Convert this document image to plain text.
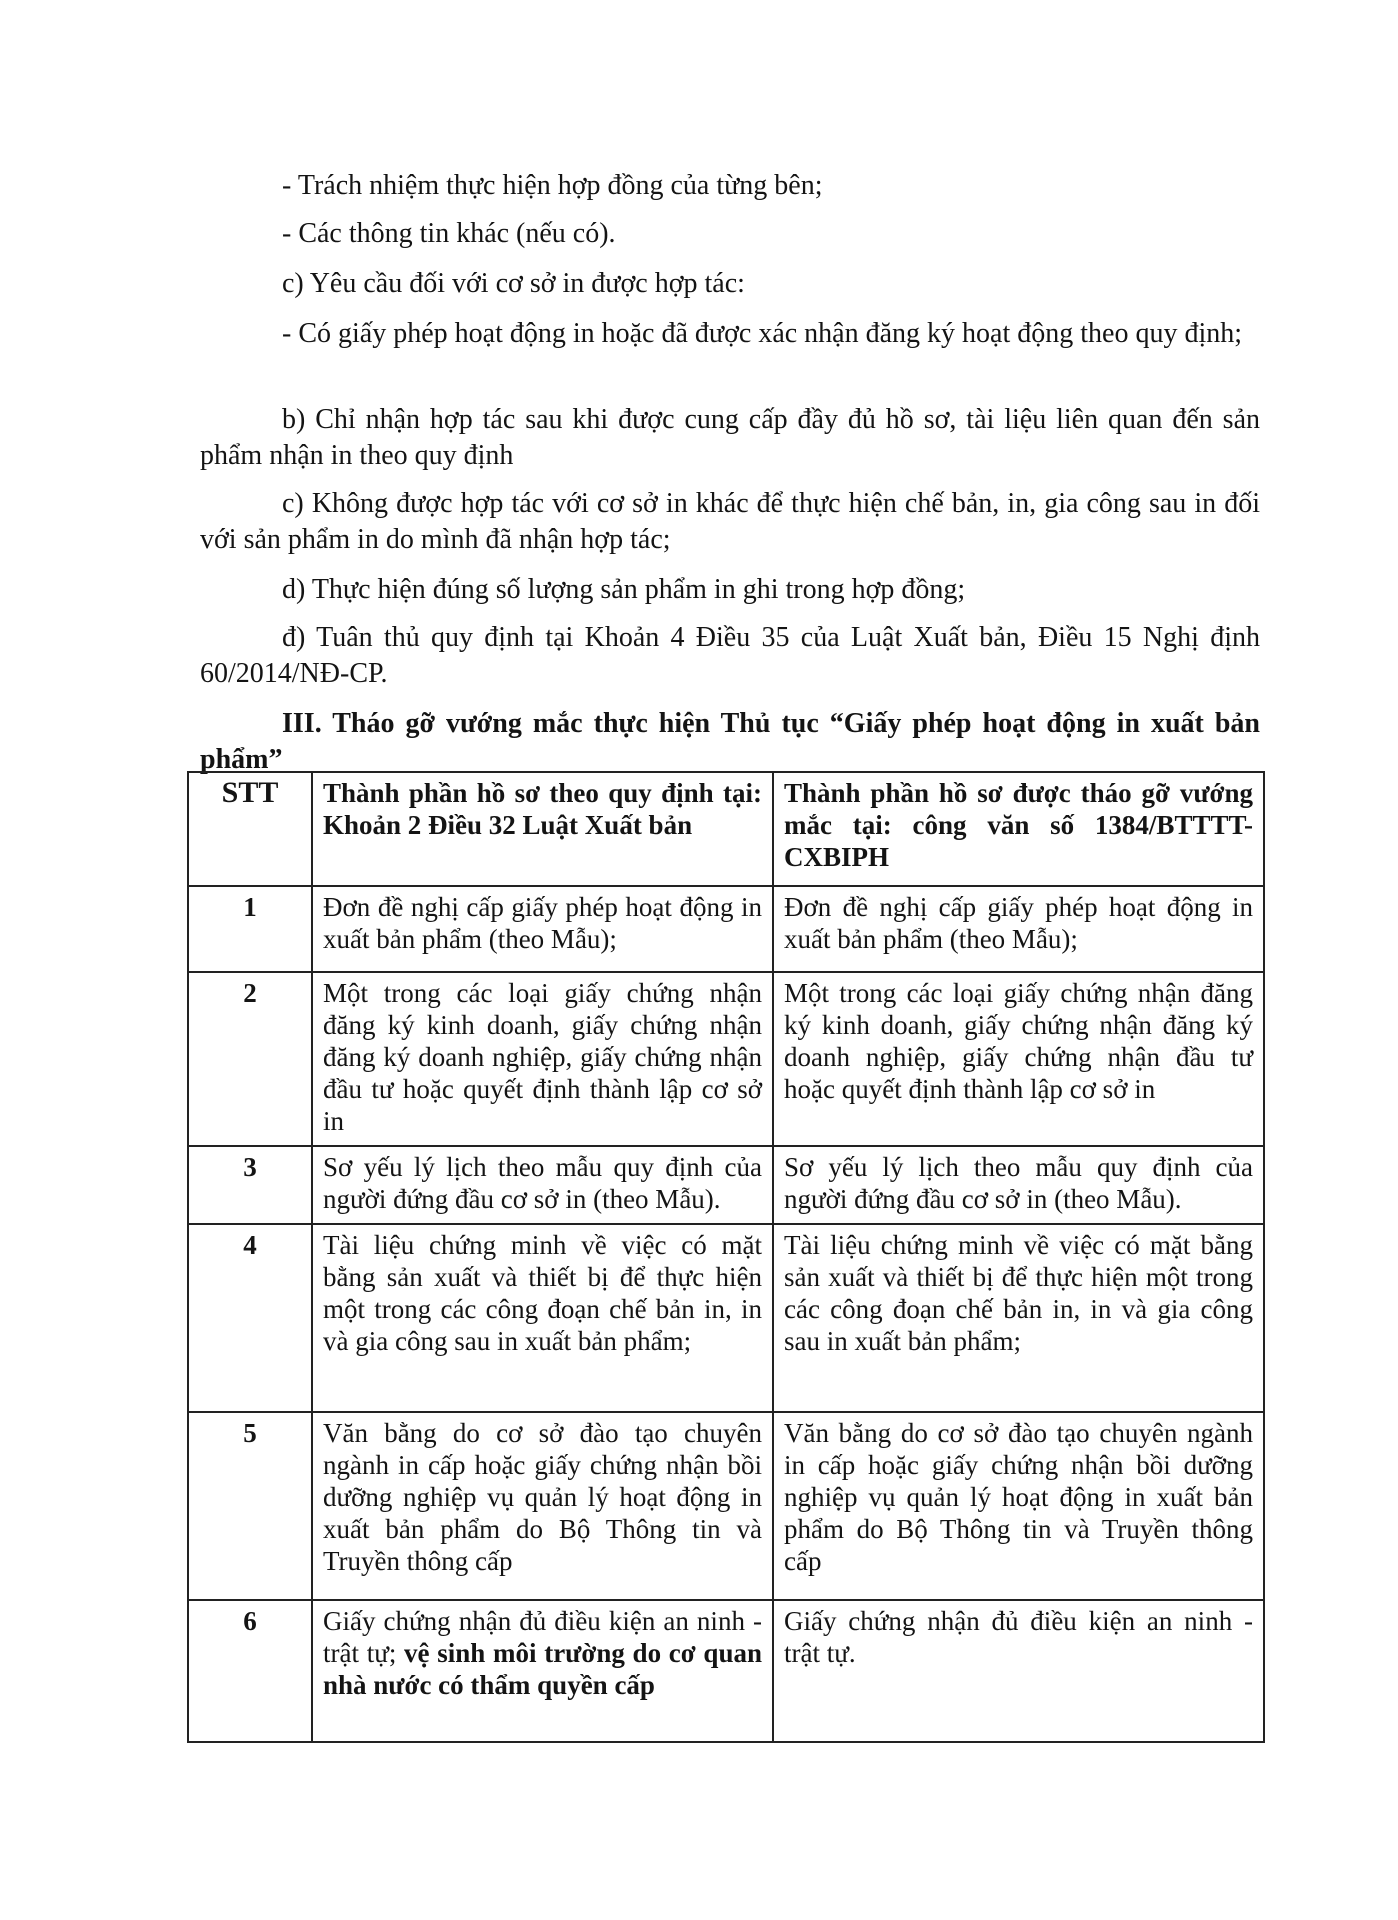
- Trách nhiệm thực hiện hợp đồng của từng bên;

- Các thông tin khác (nếu có).

c) Yêu cầu đối với cơ sở in được hợp tác:

- Có giấy phép hoạt động in hoặc đã được xác nhận đăng ký hoạt động theo quy định;

b) Chỉ nhận hợp tác sau khi được cung cấp đầy đủ hồ sơ, tài liệu liên quan đến sản phẩm nhận in theo quy định

c) Không được hợp tác với cơ sở in khác để thực hiện chế bản, in, gia công sau in đối với sản phẩm in do mình đã nhận hợp tác;

d) Thực hiện đúng số lượng sản phẩm in ghi trong hợp đồng;

đ) Tuân thủ quy định tại Khoản 4 Điều 35 của Luật Xuất bản, Điều 15 Nghị định 60/2014/NĐ-CP.

III. Tháo gỡ vướng mắc thực hiện Thủ tục “Giấy phép hoạt động in xuất bản phẩm”

STT	Thành phần hồ sơ theo quy định tại: Khoản 2 Điều 32 Luật Xuất bản	Thành phần hồ sơ được tháo gỡ vướng mắc tại: công văn số 1384/BTTTT-CXBIPH
1	Đơn đề nghị cấp giấy phép hoạt động in xuất bản phẩm (theo Mẫu);	Đơn đề nghị cấp giấy phép hoạt động in xuất bản phẩm (theo Mẫu);
2	Một trong các loại giấy chứng nhận đăng ký kinh doanh, giấy chứng nhận đăng ký doanh nghiệp, giấy chứng nhận đầu tư hoặc quyết định thành lập cơ sở in	Một trong các loại giấy chứng nhận đăng ký kinh doanh, giấy chứng nhận đăng ký doanh nghiệp, giấy chứng nhận đầu tư hoặc quyết định thành lập cơ sở in
3	Sơ yếu lý lịch theo mẫu quy định của người đứng đầu cơ sở in (theo Mẫu).	Sơ yếu lý lịch theo mẫu quy định của người đứng đầu cơ sở in (theo Mẫu).
4	Tài liệu chứng minh về việc có mặt bằng sản xuất và thiết bị để thực hiện một trong các công đoạn chế bản in, in và gia công sau in xuất bản phẩm;	Tài liệu chứng minh về việc có mặt bằng sản xuất và thiết bị để thực hiện một trong các công đoạn chế bản in, in và gia công sau in xuất bản phẩm;
5	Văn bằng do cơ sở đào tạo chuyên ngành in cấp hoặc giấy chứng nhận bồi dưỡng nghiệp vụ quản lý hoạt động in xuất bản phẩm do Bộ Thông tin và Truyền thông cấp	Văn bằng do cơ sở đào tạo chuyên ngành in cấp hoặc giấy chứng nhận bồi dưỡng nghiệp vụ quản lý hoạt động in xuất bản phẩm do Bộ Thông tin và Truyền thông cấp
6	Giấy chứng nhận đủ điều kiện an ninh - trật tự; vệ sinh môi trường do cơ quan nhà nước có thẩm quyền cấp	Giấy chứng nhận đủ điều kiện an ninh - trật tự.
